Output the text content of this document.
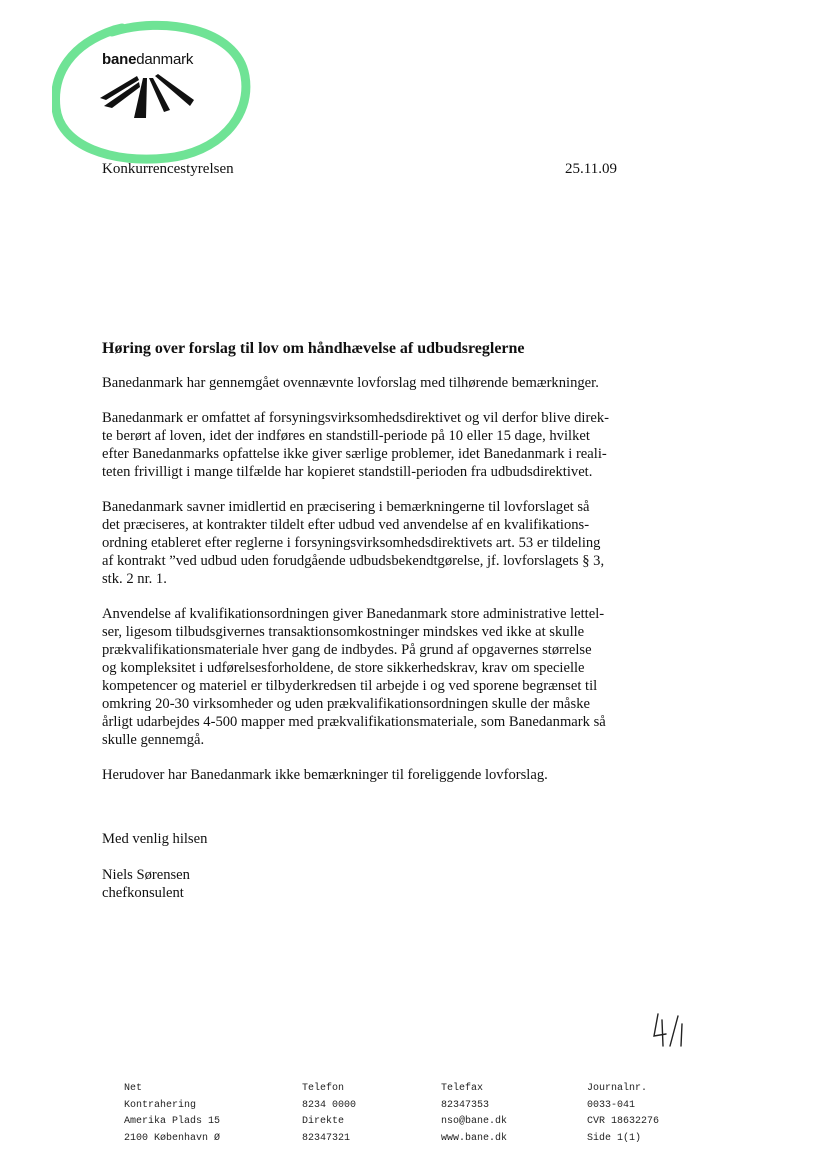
banedanmark
Konkurrencestyrelsen	25.11.09
Høring over forslag til lov om håndhævelse af udbudsreglerne

Banedanmark har gennemgået ovennævnte lovforslag med tilhørende bemærkninger.

Banedanmark er omfattet af forsyningsvirksomhedsdirektivet og vil derfor blive direk-
te berørt af loven, idet der indføres en standstill-periode på 10 eller 15 dage, hvilket
efter Banedanmarks opfattelse ikke giver særlige problemer, idet Banedanmark i reali-
teten frivilligt i mange tilfælde har kopieret standstill-perioden fra udbudsdirektivet.

Banedanmark savner imidlertid en præcisering i bemærkningerne til lovforslaget så
det præciseres, at kontrakter tildelt efter udbud ved anvendelse af en kvalifikations-
ordning etableret efter reglerne i forsyningsvirksomhedsdirektivets art. 53 er tildeling
af kontrakt ”ved udbud uden forudgående udbudsbekendtgørelse, jf. lovforslagets § 3,
stk. 2 nr. 1.

Anvendelse af kvalifikationsordningen giver Banedanmark store administrative lettel-
ser, ligesom tilbudsgivernes transaktionsomkostninger mindskes ved ikke at skulle
prækvalifikationsmateriale hver gang de indbydes. På grund af opgavernes størrelse
og kompleksitet i udførelsesforholdene, de store sikkerhedskrav, krav om specielle
kompetencer og materiel er tilbyderkredsen til arbejde i og ved sporene begrænset til
omkring 20-30 virksomheder og uden prækvalifikationsordningen skulle der måske
årligt udarbejdes 4-500 mapper med prækvalifikationsmateriale, som Banedanmark så
skulle gennemgå.

Herudover har Banedanmark ikke bemærkninger til foreliggende lovforslag.

Med venlig hilsen
Niels Sørensen
chefkonsulent
Net
Kontrahering
Amerika Plads 15
2100 København Ø
Telefon
8234 0000
Direkte
82347321
Telefax
82347353
nso@bane.dk
www.bane.dk
Journalnr.
0033-041
CVR 18632276
Side 1(1)
